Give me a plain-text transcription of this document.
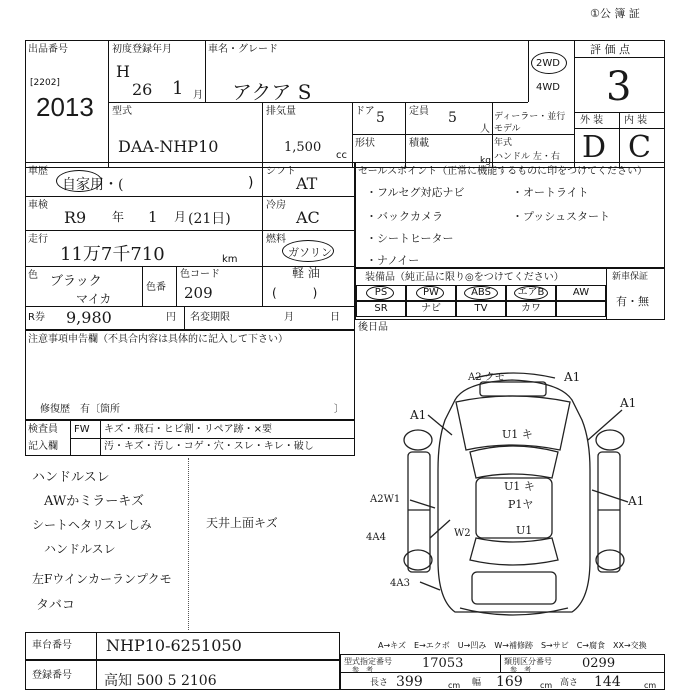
①公 簿 証
出品番号
[2202]
2013
初度登録年月
H
26 1 月
車名・グレード
アクア S
2WD
4WD
評 価 点
3
型式
DAA-NHP10
排気量
1,500
cc
ドア 5 定員 5
人
ディーラー・並行
形状	積載
kg
モデル
年式
ハンドル 左・右
外 装 内 装
D C
車歴
自家用・(	)
シフト
AT
車検
R9 年 1 月 (21日)
冷房
AC
走行
11万7千710	km
燃料
ガソリン
軽 油
(　　　)
色 ブラック
マイカ
色番
色コード
209
R券 9,980	円 名変期限	月	日
セールスポイント（正常に機能するものに印をつけてください）
・フルセグ対応ナビ	・オートライト
・バックカメラ	・プッシュスタート
・シートヒーター
・ナノイー
装備品（純正品に限り◎をつけてください）	新車保証
有・無
PS	PW	ABS	エアB	AW
SR	ナビ	TV	カワ
後日品
注意事項申告欄（不具合内容は具体的に記入して下さい）
修復歴　有〔箇所	〕
検査員
記入欄
FW キズ・飛石・ヒビ割・リペア跡・×要
汚・キズ・汚し・コゲ・穴・スレ・キレ・破し
ハンドルスレ
AWかミラーキズ
シートヘタリスレしみ
ハンドルスレ
左Fウインカーランプクモ
タバコ
天井上面キズ
A2 クモ	A1
A1
A1
U1 キ
U1 キ
P1ヤ
A2W1	A1
W2	U1
4A4
4A3
車台番号 NHP10-6251050	A→キズ　E→エクボ　U→凹み　W→補修跡　S→サビ　C→腐食　XX→交換
登録番号 高知 500 5 2106
型式指定番号
参　考	17053	類別区分番号
参　考	0299
長さ 399	cm 幅 169 cm 高さ 144	cm
